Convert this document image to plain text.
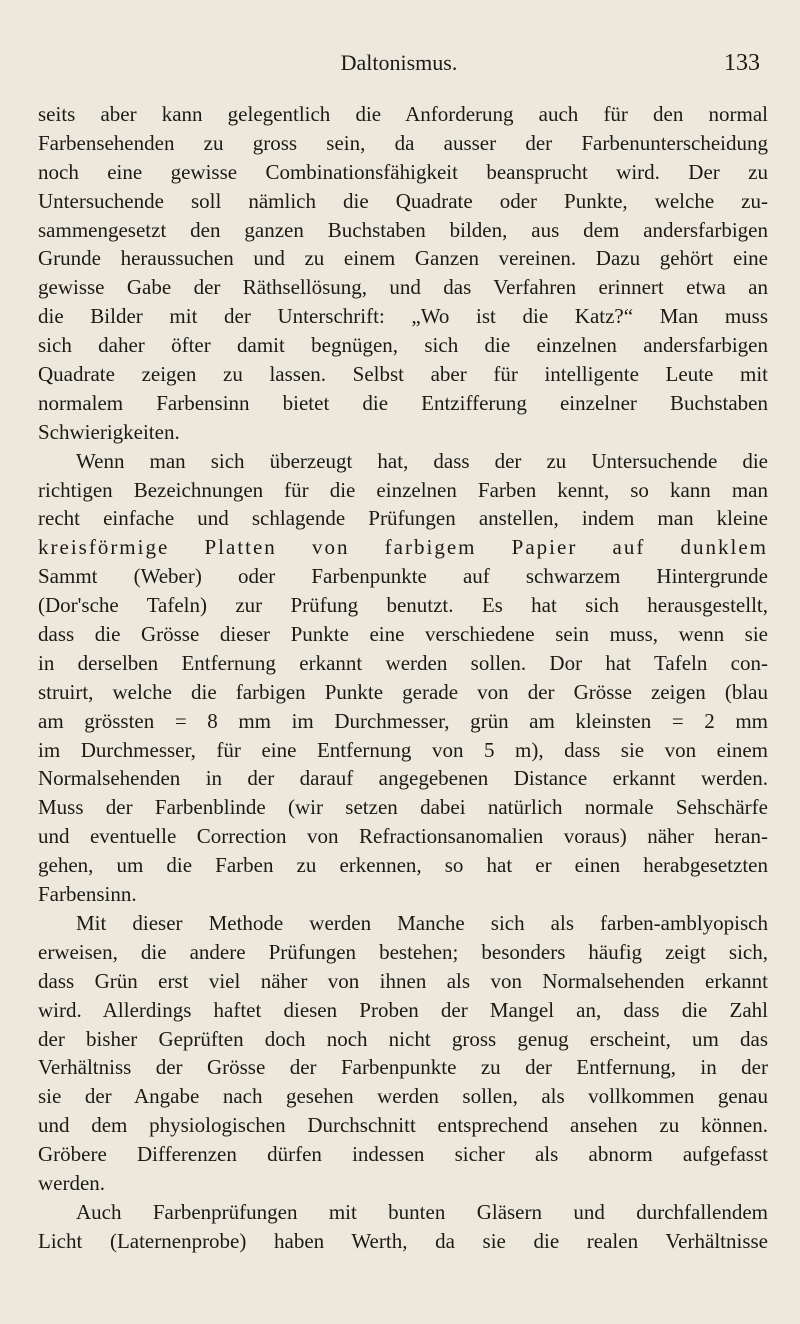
Daltonismus.	133
seits aber kann gelegentlich die Anforderung auch für den normal
Farbensehenden zu gross sein, da ausser der Farbenunterscheidung
noch eine gewisse Combinationsfähigkeit beansprucht wird. Der zu
Untersuchende soll nämlich die Quadrate oder Punkte, welche zu-
sammengesetzt den ganzen Buchstaben bilden, aus dem andersfarbigen
Grunde heraussuchen und zu einem Ganzen vereinen. Dazu gehört eine
gewisse Gabe der Räthsellösung, und das Verfahren erinnert etwa an
die Bilder mit der Unterschrift: „Wo ist die Katz?“ Man muss
sich daher öfter damit begnügen, sich die einzelnen andersfarbigen
Quadrate zeigen zu lassen. Selbst aber für intelligente Leute mit
normalem Farbensinn bietet die Entzifferung einzelner Buchstaben
Schwierigkeiten.
Wenn man sich überzeugt hat, dass der zu Untersuchende die
richtigen Bezeichnungen für die einzelnen Farben kennt, so kann man
recht einfache und schlagende Prüfungen anstellen, indem man kleine
kreisförmige Platten von farbigem Papier auf dunklem
Sammt (Weber) oder Farbenpunkte auf schwarzem Hintergrunde
(Dor'sche Tafeln) zur Prüfung benutzt. Es hat sich herausgestellt,
dass die Grösse dieser Punkte eine verschiedene sein muss, wenn sie
in derselben Entfernung erkannt werden sollen. Dor hat Tafeln con-
struirt, welche die farbigen Punkte gerade von der Grösse zeigen (blau
am grössten = 8 mm im Durchmesser, grün am kleinsten = 2 mm
im Durchmesser, für eine Entfernung von 5 m), dass sie von einem
Normalsehenden in der darauf angegebenen Distance erkannt werden.
Muss der Farbenblinde (wir setzen dabei natürlich normale Sehschärfe
und eventuelle Correction von Refractionsanomalien voraus) näher heran-
gehen, um die Farben zu erkennen, so hat er einen herabgesetzten
Farbensinn.
Mit dieser Methode werden Manche sich als farben-amblyopisch
erweisen, die andere Prüfungen bestehen; besonders häufig zeigt sich,
dass Grün erst viel näher von ihnen als von Normalsehenden erkannt
wird. Allerdings haftet diesen Proben der Mangel an, dass die Zahl
der bisher Geprüften doch noch nicht gross genug erscheint, um das
Verhältniss der Grösse der Farbenpunkte zu der Entfernung, in der
sie der Angabe nach gesehen werden sollen, als vollkommen genau
und dem physiologischen Durchschnitt entsprechend ansehen zu können.
Gröbere Differenzen dürfen indessen sicher als abnorm aufgefasst
werden.
Auch Farbenprüfungen mit bunten Gläsern und durchfallendem
Licht (Laternenprobe) haben Werth, da sie die realen Verhältnisse
